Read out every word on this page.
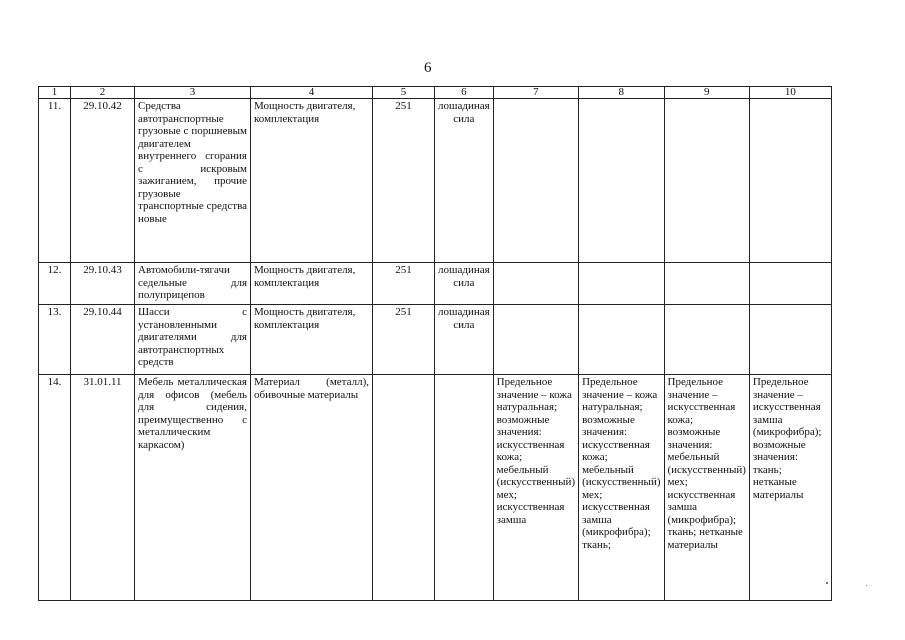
6
1	2	3	4	5	6	7	8	9	10
11.	29.10.42	Средства автотранспортные грузовые с поршневым двигателем внутреннего сгорания с искровым зажиганием, прочие грузовые транспортные средства новые	Мощность двигателя, комплектация	251	лошадиная сила				
12.	29.10.43	Автомобили-тягачи седельные для полуприцепов	Мощность двигателя, комплектация	251	лошадиная сила				
13.	29.10.44	Шасси с установленными двигателями для автотранспортных средств	Мощность двигателя, комплектация	251	лошадиная сила				
14.	31.01.11	Мебель металлическая для офисов (мебель для сидения, преимущественно с металлическим каркасом)	Материал (металл), обивочные материалы			Предельное значение – кожа натуральная; возможные значения: искусственная кожа; мебельный (искусственный) мех; искусственная замша	Предельное значение – кожа натуральная; возможные значения: искусственная кожа; мебельный (искусственный) мех; искусственная замша (микрофибра); ткань;	Предельное значение – искусственная кожа; возможные значения: мебельный (искусственный) мех; искусственная замша (микрофибра); ткань; нетканые материалы	Предельное значение – искусственная замша (микрофибра); возможные значения: ткань; нетканые материалы
